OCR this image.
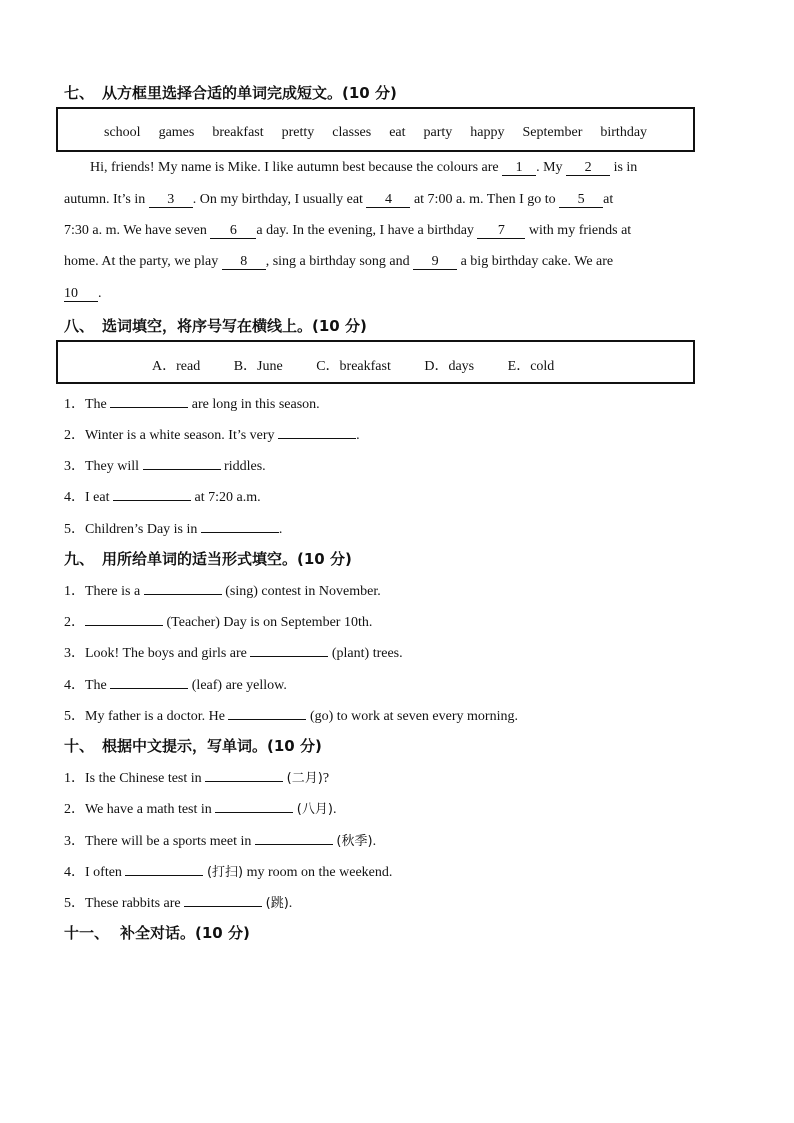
七、 从方框里选择合适的单词完成短文。(10 分)
school games breakfast pretty classes eat party happy September birthday
Hi, friends! My name is Mike. I like autumn best because the colours are 1 . My 2 is in
autumn. It’s in 3 . On my birthday, I usually eat 4 at 7:00 a. m. Then I go to 5 at
7:30 a. m. We have seven 6 a day. In the evening, I have a birthday 7 with my friends at
home. At the party, we play 8 , sing a birthday song and 9 a big birthday cake. We are
10 .
八、 选词填空，将序号写在横线上。(10 分)
A．read B．June C．breakfast D．days E．cold
1．The	are long in this season.
2．Winter is a white season. It’s very	.
3．They will	riddles.
4．I eat	at 7:20 a.m.
5．Children’s Day is in	.
九、 用所给单词的适当形式填空。(10 分)
1．There is a	(sing) contest in November.
2．	(Teacher) Day is on September 10th.
3．Look! The boys and girls are	(plant) trees.
4．The	(leaf) are yellow.
5．My father is a doctor. He	(go) to work at seven every morning.
十、 根据中文提示，写单词。(10 分)
1．Is the Chinese test in	(二月)?
2．We have a math test in	(八月).
3．There will be a sports meet in	(秋季).
4．I often	(打扫) my room on the weekend.
5．These rabbits are	(跳).
十一、 补全对话。(10 分)
